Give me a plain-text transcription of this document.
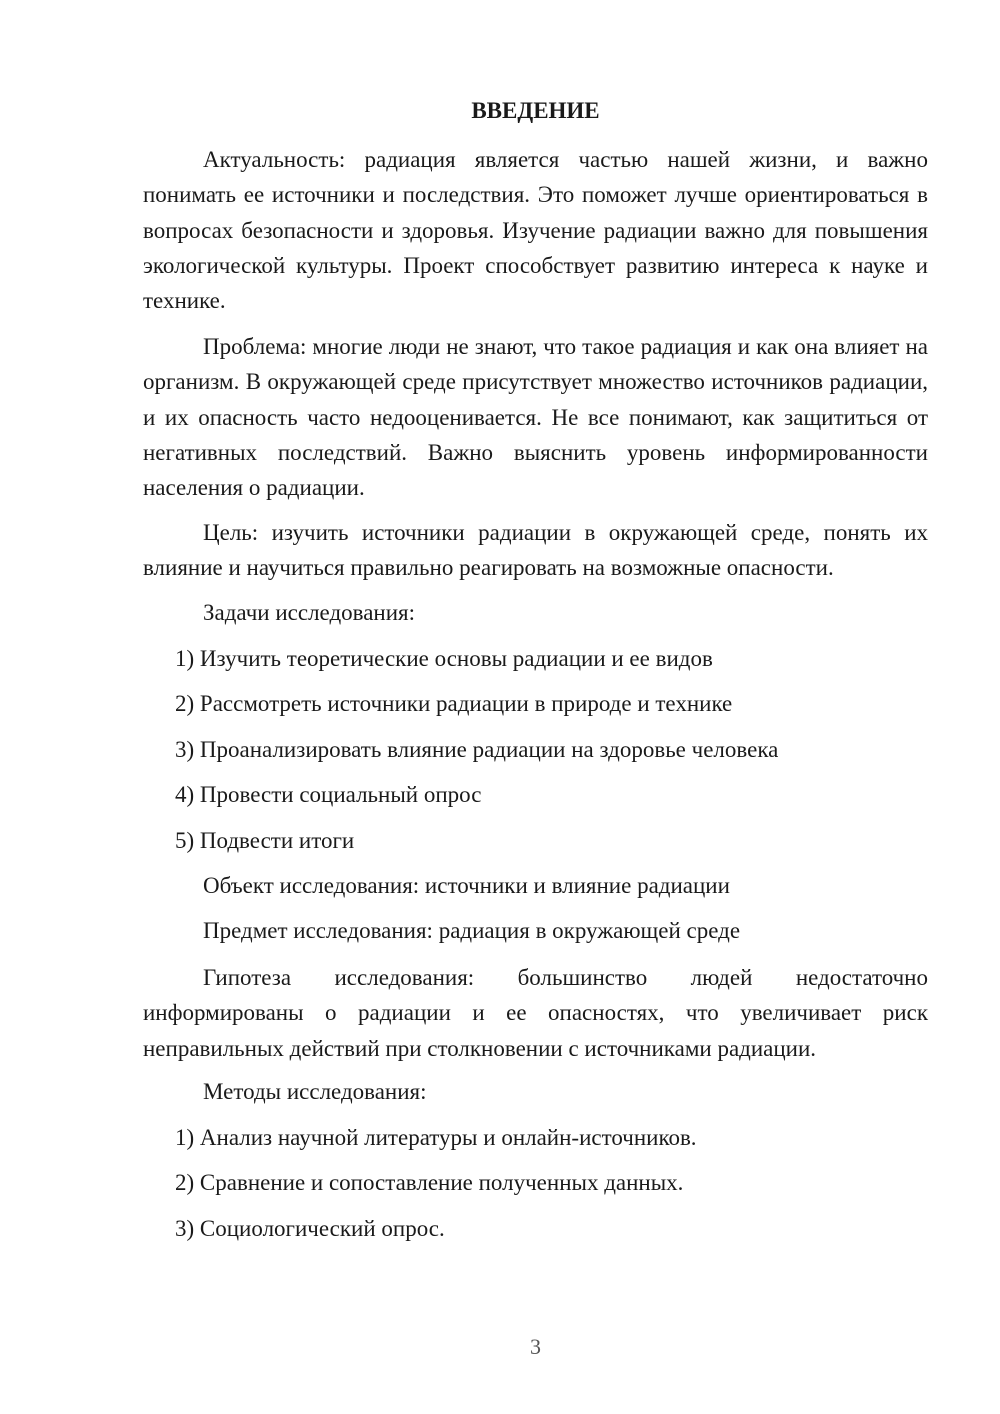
ВВЕДЕНИЕ

Актуальность: радиация является частью нашей жизни, и важно понимать ее источники и последствия. Это поможет лучше ориентироваться в вопросах безопасности и здоровья. Изучение радиации важно для повышения экологической культуры. Проект способствует развитию интереса к науке и технике.

Проблема: многие люди не знают, что такое радиация и как она влияет на организм. В окружающей среде присутствует множество источников радиации, и их опасность часто недооценивается. Не все понимают, как защититься от негативных последствий. Важно выяснить уровень информированности населения о радиации.

Цель: изучить источники радиации в окружающей среде, понять их влияние и научиться правильно реагировать на возможные опасности.

Задачи исследования:
1) Изучить теоретические основы радиации и ее видов
2) Рассмотреть источники радиации в природе и технике
3) Проанализировать влияние радиации на здоровье человека
4) Провести социальный опрос
5) Подвести итоги
Объект исследования: источники и влияние радиации
Предмет исследования: радиация в окружающей среде

Гипотеза исследования: большинство людей недостаточно информированы о радиации и ее опасностях, что увеличивает риск неправильных действий при столкновении с источниками радиации.

Методы исследования:
1) Анализ научной литературы и онлайн-источников.
2) Сравнение и сопоставление полученных данных.
3) Социологический опрос.
3
